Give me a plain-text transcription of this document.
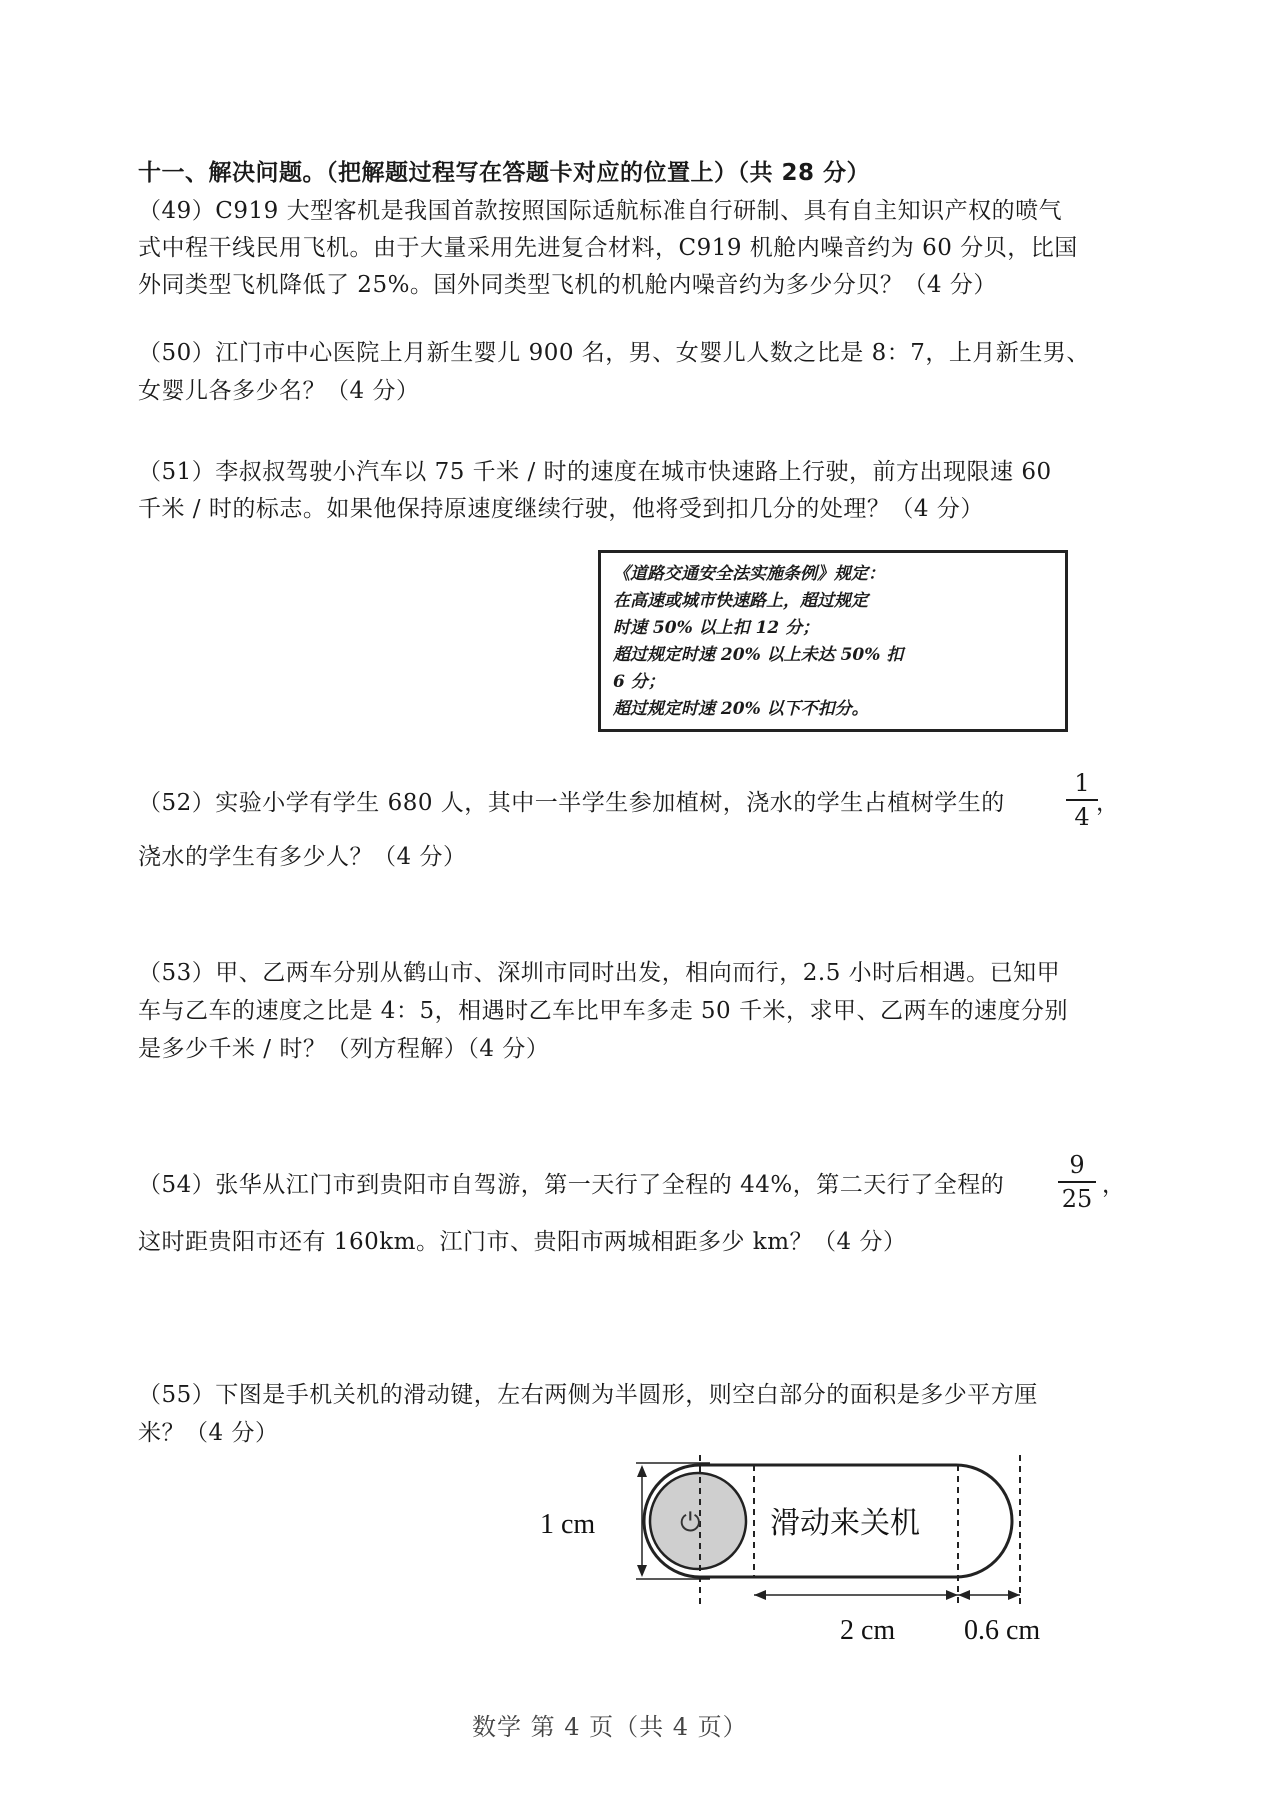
十一、解决问题。（把解题过程写在答题卡对应的位置上）（共 28 分）
（49）C919 大型客机是我国首款按照国际适航标准自行研制、具有自主知识产权的喷气
式中程干线民用飞机。由于大量采用先进复合材料，C919 机舱内噪音约为 60 分贝，比国
外同类型飞机降低了 25%。国外同类型飞机的机舱内噪音约为多少分贝？（4 分）
（50）江门市中心医院上月新生婴儿 900 名，男、女婴儿人数之比是 8：7，上月新生男、
女婴儿各多少名？（4 分）
（51）李叔叔驾驶小汽车以 75 千米 / 时的速度在城市快速路上行驶，前方出现限速 60
千米 / 时的标志。如果他保持原速度继续行驶，他将受到扣几分的处理？（4 分）
《道路交通安全法实施条例》规定：
在高速或城市快速路上，超过规定
时速 50% 以上扣 12 分；
超过规定时速 20% 以上未达 50% 扣
6 分；
超过规定时速 20% 以下不扣分。
（52）实验小学有学生 680 人，其中一半学生参加植树，浇水的学生占植树学生的
1
4 ，
浇水的学生有多少人？（4 分）
（53）甲、乙两车分别从鹤山市、深圳市同时出发，相向而行，2.5 小时后相遇。已知甲
车与乙车的速度之比是 4：5，相遇时乙车比甲车多走 50 千米，求甲、乙两车的速度分别
是多少千米 / 时？（列方程解）（4 分）
（54）张华从江门市到贵阳市自驾游，第一天行了全程的 44%，第二天行了全程的
9
25 ，
这时距贵阳市还有 160km。江门市、贵阳市两城相距多少 km？（4 分）
（55）下图是手机关机的滑动键，左右两侧为半圆形，则空白部分的面积是多少平方厘
米？（4 分）
1 cm	⏻ 滑动来关机
2 cm 0.6 cm
数学 第 4 页（共 4 页）
